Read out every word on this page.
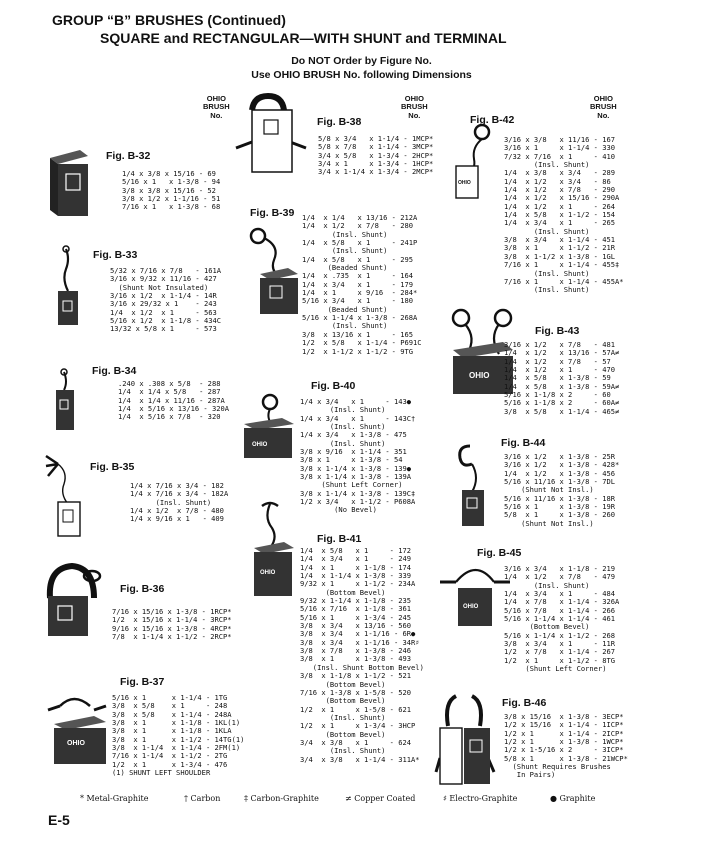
GROUP “B” BRUSHES (Continued)
SQUARE and RECTANGULAR—WITH SHUNT and TERMINAL
Do NOT Order by Figure No.
Use OHIO BRUSH No. following Dimensions
OHIO
BRUSH
No.
OHIO
BRUSH
No.
OHIO
BRUSH
No.
OHIO
OHIO
OHIO
OHIO
OHIO
OHIO
Fig. B-32
Fig. B-33
Fig. B-34
Fig. B-35
Fig. B-36
Fig. B-37
Fig. B-38
Fig. B-39
Fig. B-40
Fig. B-41
Fig. B-42
Fig. B-43
Fig. B-44
Fig. B-45
Fig. B-46
1/4 x 3/8 x 15/16 - 69
5/16 x 1   x 1-3/8 - 94
3/8 x 3/8 x 15/16 - 52
3/8 x 1/2 x 1-1/16 - 51
7/16 x 1   x 1-3/8 - 68
5/32 x 7/16 x 7/8   - 161A
3/16 x 9/32 x 11/16 - 427
(Shunt Not Insulated)
3/16 x 1/2  x 1-1/4 - 14R
3/16 x 29/32 x 1    - 243
1/4  x 1/2  x 1     - 563
5/16 x 1/2  x 1-1/8 - 434C
13/32 x 5/8 x 1     - 573
.240 x .308 x 5/8  - 288
1/4  x 1/4 x 5/8   - 287
1/4  x 1/4 x 11/16 - 287A
1/4  x 5/16 x 13/16 - 320A
1/4  x 5/16 x 7/8  - 320
1/4 x 7/16 x 3/4 - 182
1/4 x 7/16 x 3/4 - 182A
(Insl. Shunt)
1/4 x 1/2  x 7/8 - 480
1/4 x 9/16 x 1   - 409
7/16 x 15/16 x 1-3/8 - 1RCP*
1/2  x 15/16 x 1-1/4 - 3RCP*
9/16 x 15/16 x 1-3/8 - 4RCP*
7/8  x 1-1/4 x 1-1/2 - 2RCP*
5/16 x 1      x 1-1/4 - 1TG
3/8  x 5/8    x 1     - 248
3/8  x 5/8    x 1-1/4 - 248A
3/8  x 1      x 1-1/8 - 1KL(1)
3/8  x 1      x 1-1/8 - 1KLA
3/8  x 1      x 1-1/2 - 14TG(1)
3/8  x 1-1/4  x 1-1/4 - 2FM(1)
7/16 x 1-1/4  x 1-1/2 - 2TG
1/2  x 1      x 1-3/4 - 476
(1) SHUNT LEFT SHOULDER
5/8 x 3/4   x 1-1/4 - 1MCP*
5/8 x 7/8   x 1-1/4 - 3MCP*
3/4 x 5/8   x 1-3/4 - 2HCP*
3/4 x 1     x 1-3/4 - 1HCP*
3/4 x 1-1/4 x 1-3/4 - 2MCP*
1/4  x 1/4   x 13/16 - 212A
1/4  x 1/2   x 7/8   - 280
(Insl. Shunt)
1/4  x 5/8   x 1     - 241P
(Insl. Shunt)
1/4  x 5/8   x 1     - 295
(Beaded Shunt)
1/4  x .735  x 1     - 164
1/4  x 3/4   x 1     - 179
1/4  x 1     x 9/16  - 284*
5/16 x 3/4   x 1     - 180
(Beaded Shunt)
5/16 x 1-1/4 x 1-3/8 - 268A
(Insl. Shunt)
3/8  x 13/16 x 1     - 165
1/2  x 5/8   x 1-1/4 - P691C
1/2  x 1-1/2 x 1-1/2 - 9TG
1/4 x 3/4   x 1     - 143●
(Insl. Shunt)
1/4 x 3/4   x 1     - 143C†
(Insl. Shunt)
1/4 x 3/4   x 1-3/8 - 475
(Insl. Shunt)
3/8 x 9/16  x 1-1/4 - 351
3/8 x 1     x 1-3/8 - 54
3/8 x 1-1/4 x 1-3/8 - 139●
3/8 x 1-1/4 x 1-3/8 - 139A
(Shunt Left Corner)
3/8 x 1-1/4 x 1-3/8 - 139C‡
1/2 x 3/4   x 1-1/2 - P608A
(No Bevel)
1/4  x 5/8   x 1     - 172
1/4  x 3/4   x 1     - 249
1/4  x 1     x 1-1/8 - 174
1/4  x 1-1/4 x 1-3/8 - 339
9/32 x 1     x 1-1/2 - 234A
(Bottom Bevel)
9/32 x 1-1/4 x 1-1/8 - 235
5/16 x 7/16  x 1-1/8 - 361
5/16 x 1     x 1-3/4 - 245
3/8  x 3/4   x 13/16 - 560
3/8  x 3/4   x 1-1/16 - 6R●
3/8  x 3/4   x 1-1/16 - 34R♯
3/8  x 7/8   x 1-3/8 - 246
3/8  x 1     x 1-3/8 - 493
(Insl. Shunt Bottom Bevel)
3/8  x 1-1/8 x 1-1/2 - 521
(Bottom Bevel)
7/16 x 1-3/8 x 1-5/8 - 520
(Bottom Bevel)
1/2  x 1     x 1-5/8 - 621
(Insl. Shunt)
1/2  x 1     x 1-3/4 - 3HCP
(Bottom Bevel)
3/4  x 3/8   x 1     - 624
(Insl. Shunt)
3/4  x 3/8   x 1-1/4 - 311A*
3/16 x 3/8   x 11/16 - 167
3/16 x 1     x 1-1/4 - 330
7/32 x 7/16  x 1     - 410
(Insl. Shunt)
1/4  x 3/8   x 3/4   - 289
1/4  x 1/2   x 3/4   - 86
1/4  x 1/2   x 7/8   - 290
1/4  x 1/2   x 15/16 - 290A
1/4  x 1/2   x 1     - 264
1/4  x 5/8   x 1-1/2 - 154
1/4  x 3/4   x 1     - 265
(Insl. Shunt)
3/8  x 3/4   x 1-1/4 - 451
3/8  x 1     x 1-1/2 - 21R
3/8  x 1-1/2 x 1-3/8 - 1GL
7/16 x 1     x 1-1/4 - 455‡
(Insl. Shunt)
7/16 x 1     x 1-1/4 - 455A*
(Insl. Shunt)
3/16 x 1/2   x 7/8   - 481
1/4  x 1/2   x 13/16 - 57A≠
1/4  x 1/2   x 7/8   - 57
1/4  x 1/2   x 1     - 470
1/4  x 5/8   x 1-3/8 - 59
1/4  x 5/8   x 1-3/8 - 59A≠
5/16 x 1-1/8 x 2     - 60
5/16 x 1-1/8 x 2     - 60A≠
3/8  x 5/8   x 1-1/4 - 465≠
3/16 x 1/2   x 1-3/8 - 25R
3/16 x 1/2   x 1-3/8 - 428*
1/4  x 1/2   x 1-3/8 - 456
5/16 x 11/16 x 1-3/8 - 7DL
(Shunt Not Insl.)
5/16 x 11/16 x 1-3/8 - 18R
5/16 x 1     x 1-3/8 - 19R
5/8  x 1     x 1-3/8 - 260
(Shunt Not Insl.)
3/16 x 3/4   x 1-1/8 - 219
1/4  x 1/2   x 7/8   - 479
(Insl. Shunt)
1/4  x 3/4   x 1     - 484
1/4  x 7/8   x 1-1/4 - 326A
5/16 x 7/8   x 1-1/4 - 266
5/16 x 1-1/4 x 1-1/4 - 461
(Bottom Bevel)
5/16 x 1-1/4 x 1-1/2 - 268
3/8  x 3/4   x 1     - 11R
1/2  x 7/8   x 1-1/4 - 267
1/2  x 1     x 1-1/2 - 8TG
(Shunt Left Corner)
3/8 x 15/16  x 1-3/8 - 3ECP*
1/2 x 15/16  x 1-1/4 - 1ICP*
1/2 x 1      x 1-1/4 - 2ICP*
1/2 x 1      x 1-3/8 - 1WCP*
1/2 x 1-5/16 x 2     - 3ICP*
5/8 x 1      x 1-3/8 - 21WCP*
(Shunt Requires Brushes
In Pairs)
* Metal-Graphite	† Carbon	‡ Carbon-Graphite	≠ Copper Coated	♯ Electro-Graphite	● Graphite
E-5
